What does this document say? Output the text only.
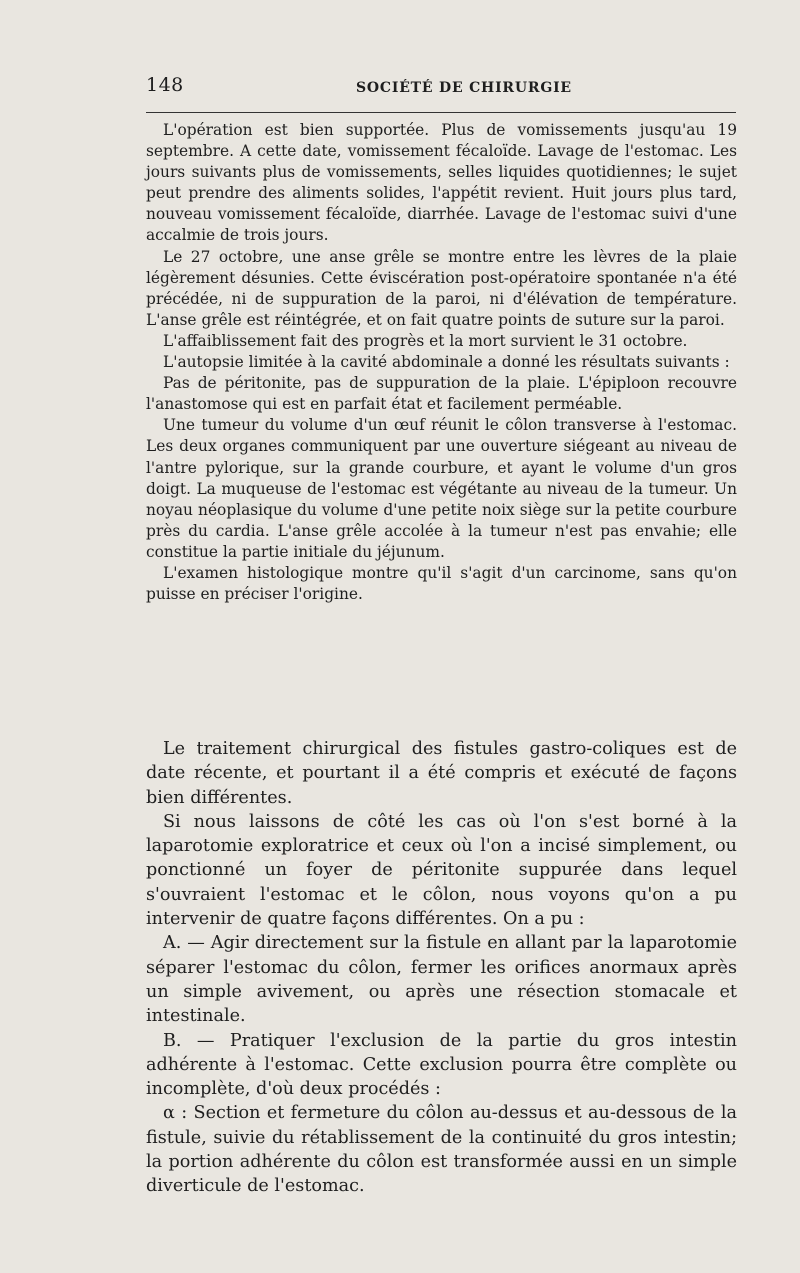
148	SOCIÉTÉ DE CHIRURGIE

L'opération est bien supportée. Plus de vomissements jusqu'au 19 septembre. A cette date, vomissement fécaloïde. Lavage de l'estomac. Les jours suivants plus de vomissements, selles liquides quotidiennes; le sujet peut prendre des aliments solides, l'appétit revient. Huit jours plus tard, nouveau vomissement fécaloïde, diarrhée. Lavage de l'estomac suivi d'une accalmie de trois jours.

Le 27 octobre, une anse grêle se montre entre les lèvres de la plaie légèrement désunies. Cette éviscération post-opératoire spontanée n'a été précédée, ni de suppuration de la paroi, ni d'élévation de température. L'anse grêle est réintégrée, et on fait quatre points de suture sur la paroi.

L'affaiblissement fait des progrès et la mort survient le 31 octobre.

L'autopsie limitée à la cavité abdominale a donné les résultats suivants :

Pas de péritonite, pas de suppuration de la plaie. L'épiploon recouvre l'anastomose qui est en parfait état et facilement perméable.

Une tumeur du volume d'un œuf réunit le côlon transverse à l'estomac. Les deux organes communiquent par une ouverture siégeant au niveau de l'antre pylorique, sur la grande courbure, et ayant le volume d'un gros doigt. La muqueuse de l'estomac est végétante au niveau de la tumeur. Un noyau néoplasique du volume d'une petite noix siège sur la petite courbure près du cardia. L'anse grêle accolée à la tumeur n'est pas envahie; elle constitue la partie initiale du jéjunum.

L'examen histologique montre qu'il s'agit d'un carcinome, sans qu'on puisse en préciser l'origine.

Le traitement chirurgical des fistules gastro-coliques est de date récente, et pourtant il a été compris et exécuté de façons bien différentes.

Si nous laissons de côté les cas où l'on s'est borné à la laparotomie exploratrice et ceux où l'on a incisé simplement, ou ponctionné un foyer de péritonite suppurée dans lequel s'ouvraient l'estomac et le côlon, nous voyons qu'on a pu intervenir de quatre façons différentes. On a pu :

A. — Agir directement sur la fistule en allant par la laparotomie séparer l'estomac du côlon, fermer les orifices anormaux après un simple avivement, ou après une résection stomacale et intestinale.

B. — Pratiquer l'exclusion de la partie du gros intestin adhérente à l'estomac. Cette exclusion pourra être complète ou incomplète, d'où deux procédés :

α : Section et fermeture du côlon au-dessus et au-dessous de la fistule, suivie du rétablissement de la continuité du gros intestin; la portion adhérente du côlon est transformée aussi en un simple diverticule de l'estomac.
